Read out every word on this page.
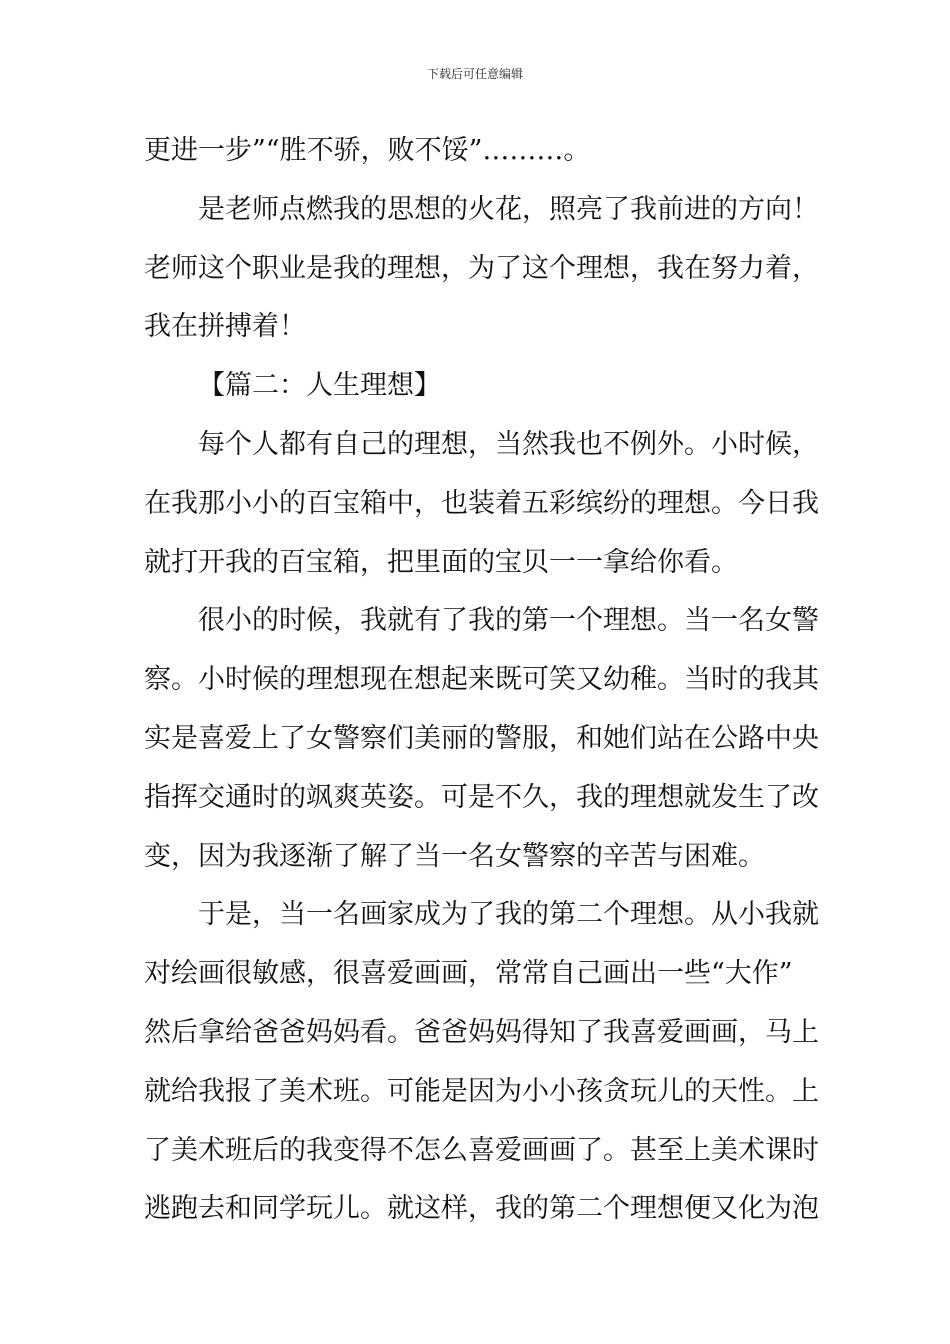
下载后可任意编辑
更进一步”“胜不骄，败不馁”………。
是老师点燃我的思想的火花，照亮了我前进的方向！
老师这个职业是我的理想，为了这个理想，我在努力着，
我在拼搏着！
【篇二：人生理想】
每个人都有自己的理想，当然我也不例外。小时候，
在我那小小的百宝箱中，也装着五彩缤纷的理想。今日我
就打开我的百宝箱，把里面的宝贝一一拿给你看。
很小的时候，我就有了我的第一个理想。当一名女警
察。小时候的理想现在想起来既可笑又幼稚。当时的我其
实是喜爱上了女警察们美丽的警服，和她们站在公路中央
指挥交通时的飒爽英姿。可是不久，我的理想就发生了改
变，因为我逐渐了解了当一名女警察的辛苦与困难。
于是，当一名画家成为了我的第二个理想。从小我就
对绘画很敏感，很喜爱画画，常常自己画出一些“大作”
然后拿给爸爸妈妈看。爸爸妈妈得知了我喜爱画画，马上
就给我报了美术班。可能是因为小小孩贪玩儿的天性。上
了美术班后的我变得不怎么喜爱画画了。甚至上美术课时
逃跑去和同学玩儿。就这样，我的第二个理想便又化为泡
